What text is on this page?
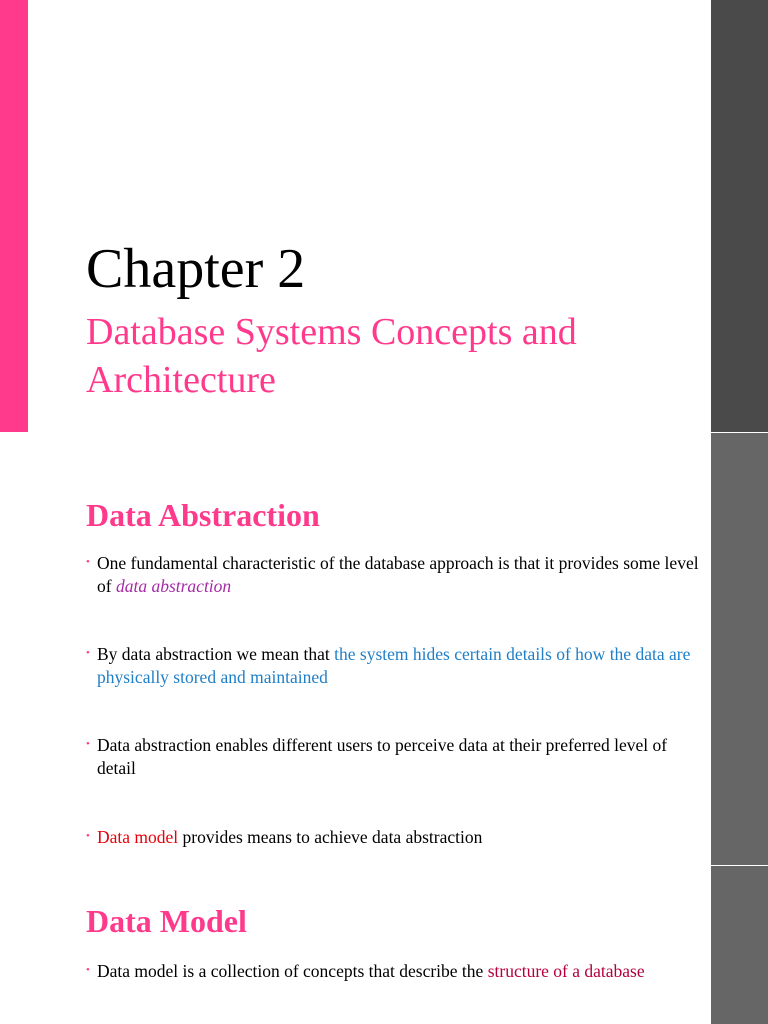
Chapter 2
Database Systems Concepts and Architecture
Data Abstraction

• One fundamental characteristic of the database approach is that it provides some level of data abstraction

• By data abstraction we mean that the system hides certain details of how the data are physically stored and maintained

• Data abstraction enables different users to perceive data at their preferred level of detail

• Data model provides means to achieve data abstraction

Data Model

• Data model is a collection of concepts that describe the structure of a database
